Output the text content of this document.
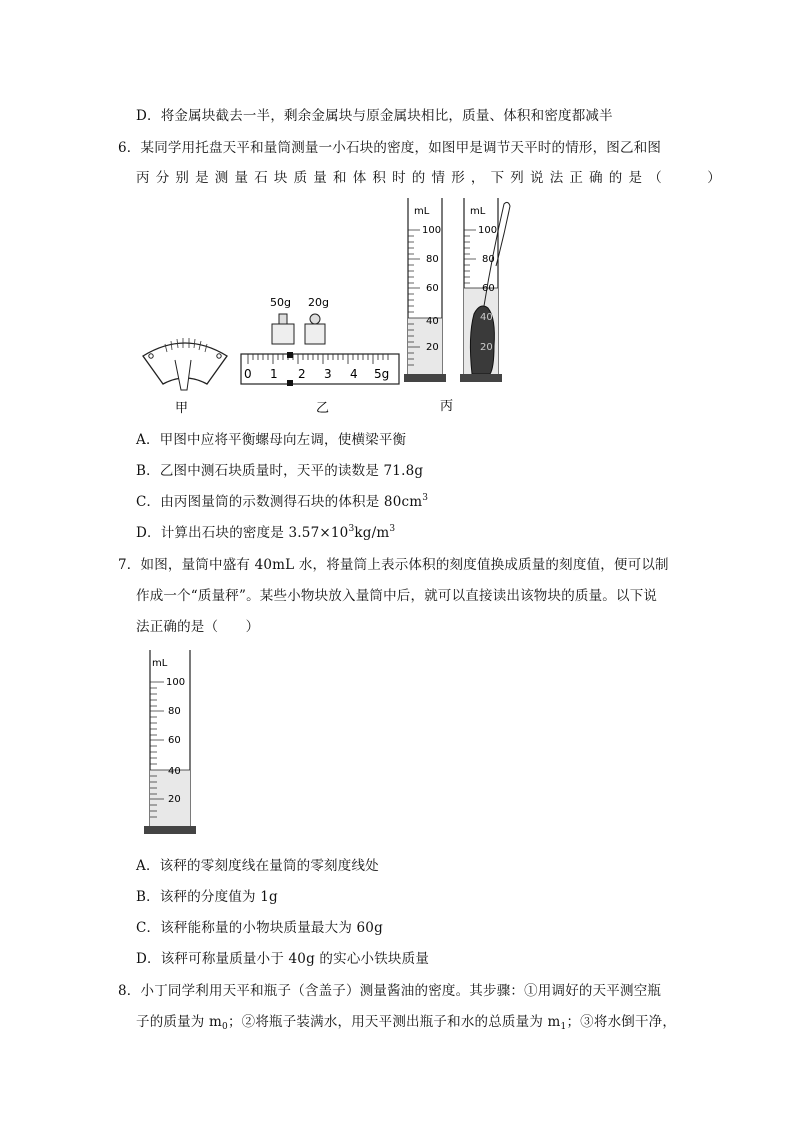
D．将金属块截去一半，剩余金属块与原金属块相比，质量、体积和密度都减半
6．某同学用托盘天平和量筒测量一小石块的密度，如图甲是调节天平时的情形，图乙和图
丙分别是测量石块质量和体积时的情形，下列说法正确的是（　　）
甲
50g 20g
0 1 2 3 4 5g
乙
mL
100
80
60
40
20
mL
100
80
60
40
20
丙
A．甲图中应将平衡螺母向左调，使横梁平衡
B．乙图中测石块质量时，天平的读数是 71.8g
C．由丙图量筒的示数测得石块的体积是 $80cm^3$
D．计算出石块的密度是 $3.57\times 10^3kg/m^3$
7．如图，量筒中盛有 40mL 水，将量筒上表示体积的刻度值换成质量的刻度值，便可以制
作成一个“质量秤”。某些小物块放入量筒中后，就可以直接读出该物块的质量。以下说
法正确的是（　　）
mL
100
80
60
40
20
A．该秤的零刻度线在量筒的零刻度线处
B．该秤的分度值为 1g
C．该秤能称量的小物块质量最大为 60g
D．该秤可称量质量小于 40g 的实心小铁块质量
8．小丁同学利用天平和瓶子（含盖子）测量酱油的密度。其步骤：①用调好的天平测空瓶
子的质量为 $m_0$；②将瓶子装满水，用天平测出瓶子和水的总质量为 $m_1$；③将水倒干净，
